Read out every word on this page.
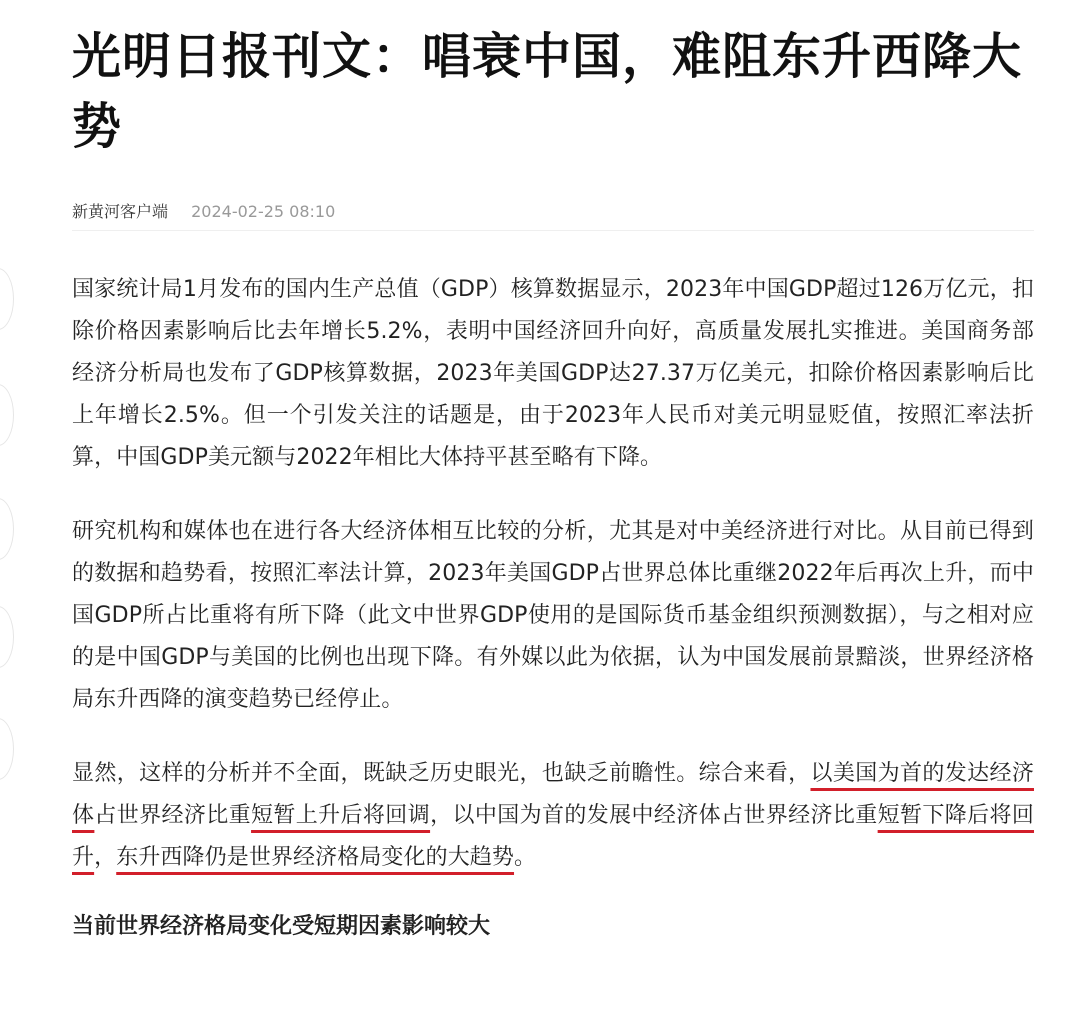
光明日报刊文：唱衰中国，难阻东升西降大势
新黄河客户端 2024-02-25 08:10

国家统计局1月发布的国内生产总值（GDP）核算数据显示，2023年中国GDP超过126万亿元，扣除价格因素影响后比去年增长5.2%，表明中国经济回升向好，高质量发展扎实推进。美国商务部经济分析局也发布了GDP核算数据，2023年美国GDP达27.37万亿美元，扣除价格因素影响后比上年增长2.5%。但一个引发关注的话题是，由于2023年人民币对美元明显贬值，按照汇率法折算，中国GDP美元额与2022年相比大体持平甚至略有下降。

研究机构和媒体也在进行各大经济体相互比较的分析，尤其是对中美经济进行对比。从目前已得到的数据和趋势看，按照汇率法计算，2023年美国GDP占世界总体比重继2022年后再次上升，而中国GDP所占比重将有所下降（此文中世界GDP使用的是国际货币基金组织预测数据），与之相对应的是中国GDP与美国的比例也出现下降。有外媒以此为依据，认为中国发展前景黯淡，世界经济格局东升西降的演变趋势已经停止。

显然，这样的分析并不全面，既缺乏历史眼光，也缺乏前瞻性。综合来看，以美国为首的发达经济体占世界经济比重短暂上升后将回调，以中国为首的发展中经济体占世界经济比重短暂下降后将回升，东升西降仍是世界经济格局变化的大趋势。

当前世界经济格局变化受短期因素影响较大
